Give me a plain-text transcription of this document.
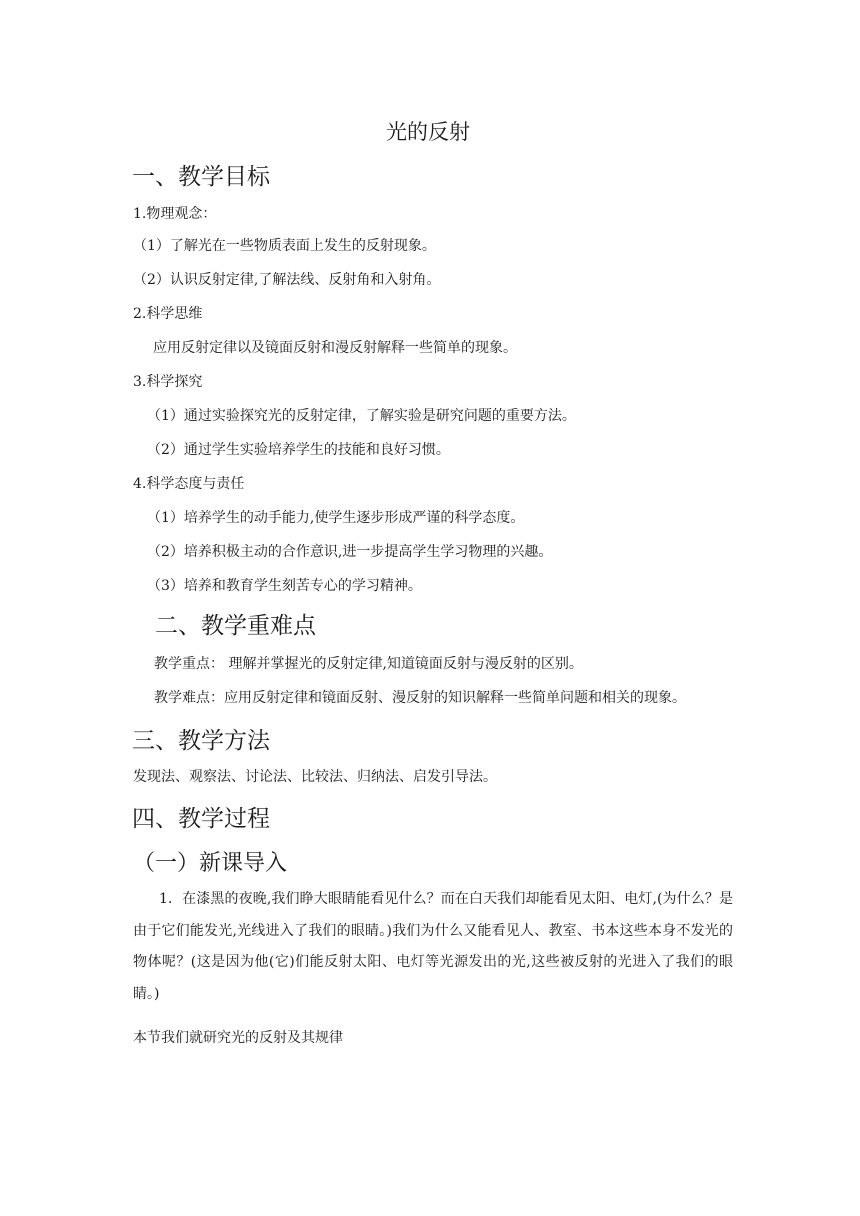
光的反射
一、教学目标
1.物理观念：
（1）了解光在一些物质表面上发生的反射现象。
（2）认识反射定律,了解法线、反射角和入射角。
2.科学思维
应用反射定律以及镜面反射和漫反射解释一些简单的现象。
3.科学探究
（1）通过实验探究光的反射定律，了解实验是研究问题的重要方法。
（2）通过学生实验培养学生的技能和良好习惯。
4.科学态度与责任
（1）培养学生的动手能力,使学生逐步形成严谨的科学态度。
（2）培养积极主动的合作意识,进一步提高学生学习物理的兴趣。
（3）培养和教育学生刻苦专心的学习精神。
二、教学重难点
教学重点： 理解并掌握光的反射定律,知道镜面反射与漫反射的区别。
教学难点：应用反射定律和镜面反射、漫反射的知识解释一些简单问题和相关的现象。
三、教学方法
发现法、观察法、讨论法、比较法、归纳法、启发引导法。
四、教学过程
（一）新课导入
1．在漆黑的夜晚,我们睁大眼睛能看见什么？而在白天我们却能看见太阳、电灯,(为什么？是由于它们能发光,光线进入了我们的眼睛。)我们为什么又能看见人、教室、书本这些本身不发光的物体呢？(这是因为他(它)们能反射太阳、电灯等光源发出的光,这些被反射的光进入了我们的眼睛。)
本节我们就研究光的反射及其规律
